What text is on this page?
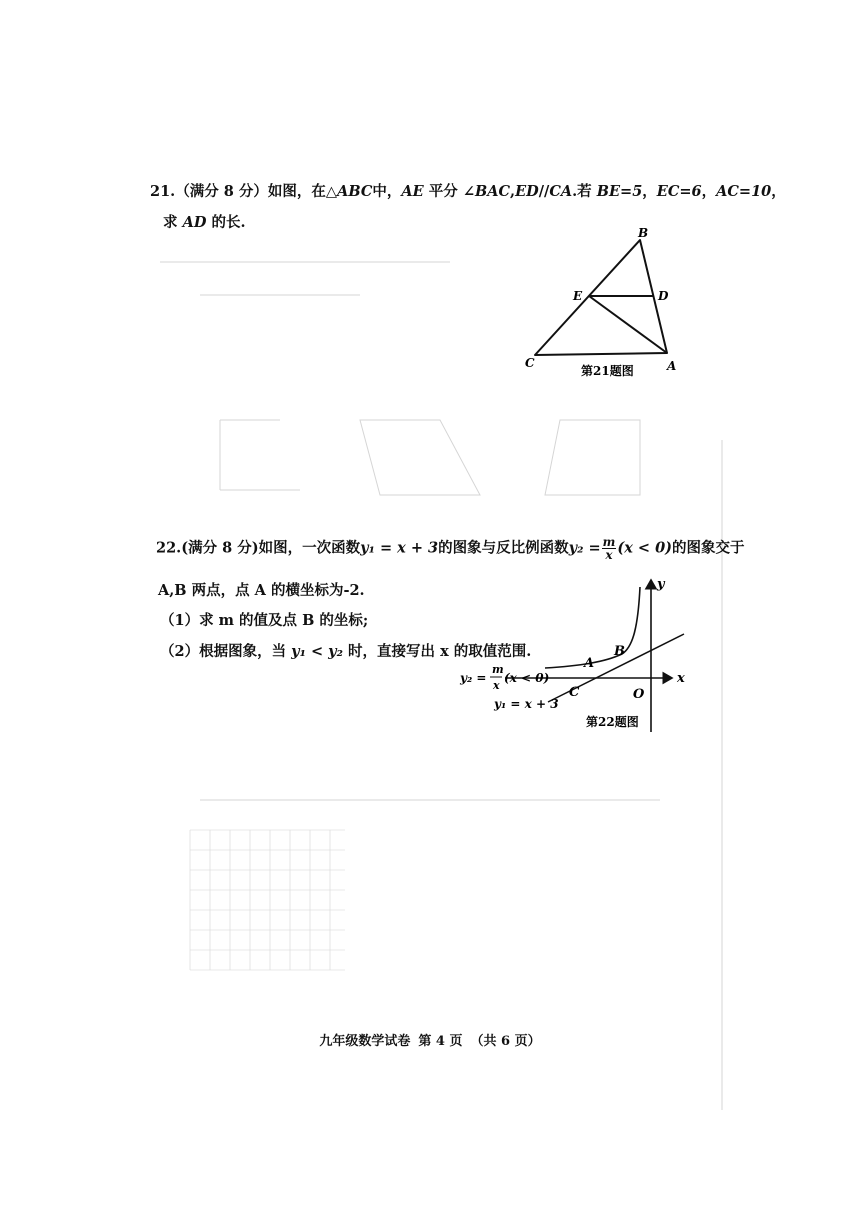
21.（满分 8 分）如图，在△ABC中，AE 平分 ∠BAC,ED//CA.若 BE=5，EC=6，AC=10，
求 AD 的长.
B
E	D
C	A
第21题图
22.(满分 8 分)如图，一次函数y₁ = x + 3的图象与反比例函数$y_2 = \frac{m}{x} (x < 0)$的图象交于
A,B 两点，点 A 的横坐标为-2.
（1）求 m 的值及点 B 的坐标;
（2）根据图象，当 y₁ < y₂ 时，直接写出 x 的取值范围.
y
x
O
A
B
C
y₂ =
m
x
(x < 0)
y₁ = x + 3
第22题图
九年级数学试卷 第 4 页 （共 6 页）
